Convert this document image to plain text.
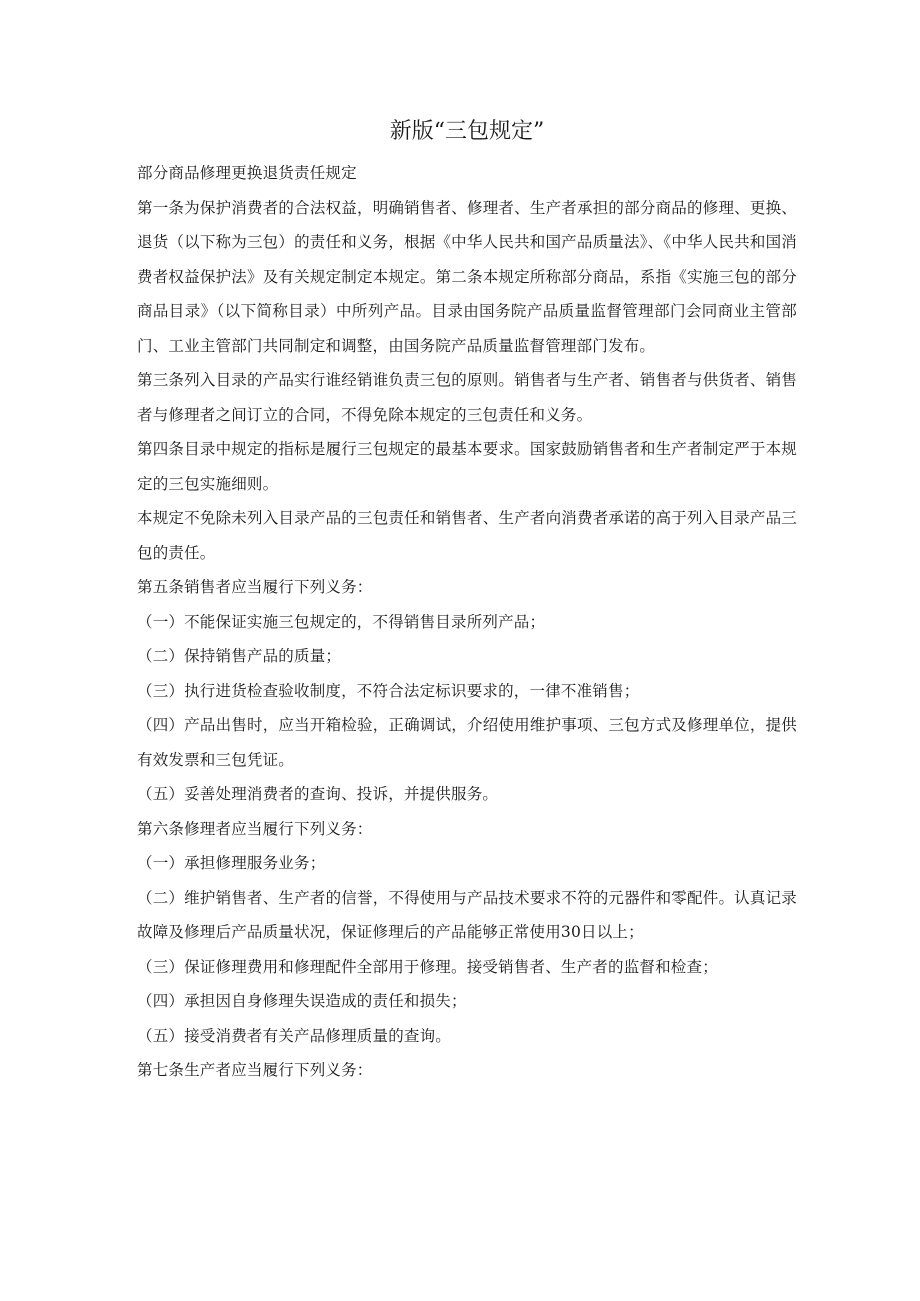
新版“三包规定”

部分商品修理更换退货责任规定

第一条为保护消费者的合法权益，明确销售者、修理者、生产者承担的部分商品的修理、更换、退货（以下称为三包）的责任和义务，根据《中华人民共和国产品质量法》、《中华人民共和国消费者权益保护法》及有关规定制定本规定。第二条本规定所称部分商品，系指《实施三包的部分商品目录》（以下简称目录）中所列产品。目录由国务院产品质量监督管理部门会同商业主管部门、工业主管部门共同制定和调整，由国务院产品质量监督管理部门发布。

第三条列入目录的产品实行谁经销谁负责三包的原则。销售者与生产者、销售者与供货者、销售者与修理者之间订立的合同，不得免除本规定的三包责任和义务。

第四条目录中规定的指标是履行三包规定的最基本要求。国家鼓励销售者和生产者制定严于本规定的三包实施细则。

本规定不免除未列入目录产品的三包责任和销售者、生产者向消费者承诺的高于列入目录产品三包的责任。

第五条销售者应当履行下列义务：

（一）不能保证实施三包规定的，不得销售目录所列产品；

（二）保持销售产品的质量；

（三）执行进货检查验收制度，不符合法定标识要求的，一律不准销售；

（四）产品出售时，应当开箱检验，正确调试，介绍使用维护事项、三包方式及修理单位，提供有效发票和三包凭证。

（五）妥善处理消费者的查询、投诉，并提供服务。

第六条修理者应当履行下列义务：

（一）承担修理服务业务；

（二）维护销售者、生产者的信誉，不得使用与产品技术要求不符的元器件和零配件。认真记录故障及修理后产品质量状况，保证修理后的产品能够正常使用30日以上；

（三）保证修理费用和修理配件全部用于修理。接受销售者、生产者的监督和检查；

（四）承担因自身修理失误造成的责任和损失；

（五）接受消费者有关产品修理质量的查询。

第七条生产者应当履行下列义务：
